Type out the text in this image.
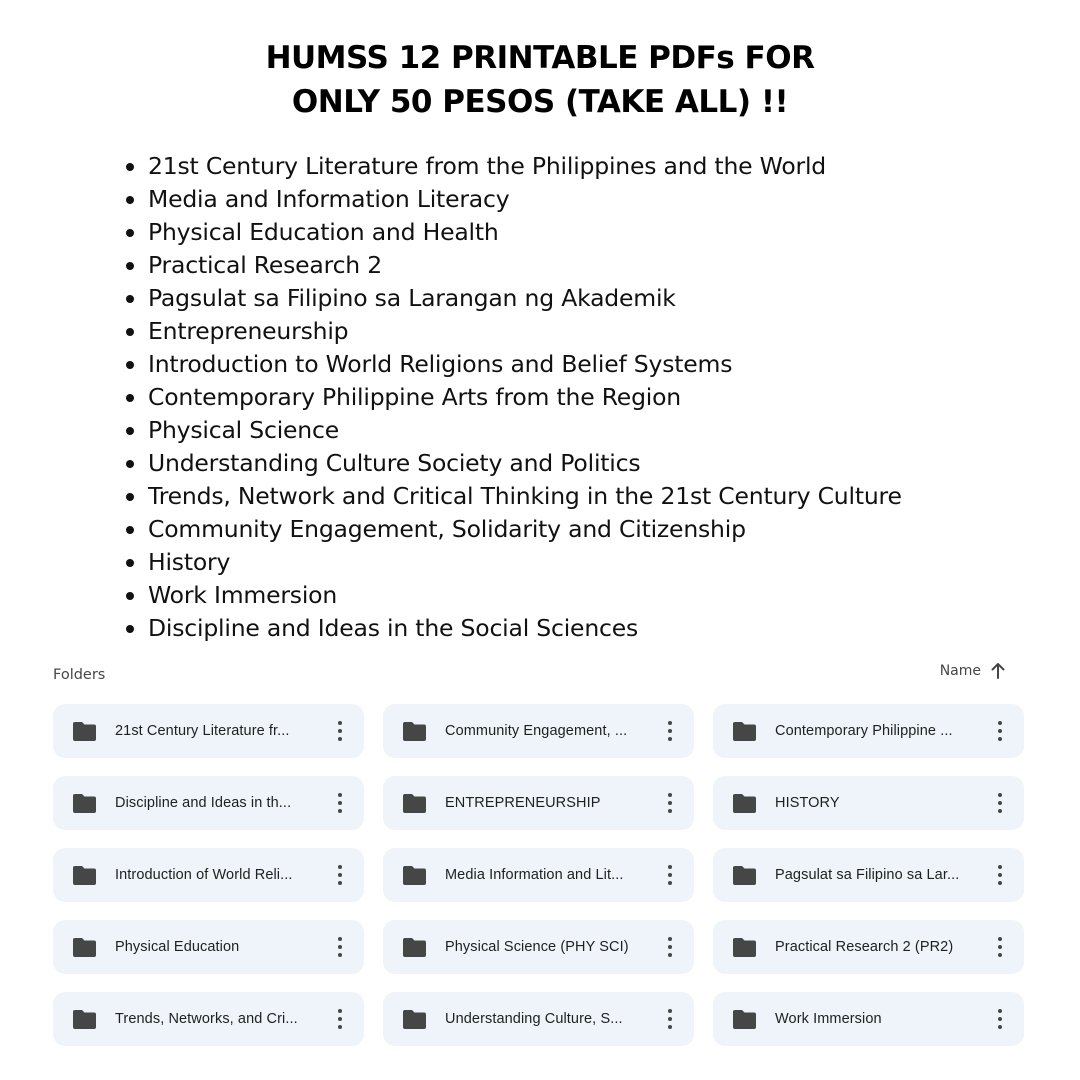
HUMSS 12 PRINTABLE PDFs FOR
ONLY 50 PESOS (TAKE ALL) !!
21st Century Literature from the Philippines and the World
Media and Information Literacy
Physical Education and Health
Practical Research 2
Pagsulat sa Filipino sa Larangan ng Akademik
Entrepreneurship
Introduction to World Religions and Belief Systems
Contemporary Philippine Arts from the Region
Physical Science
Understanding Culture Society and Politics
Trends, Network and Critical Thinking in the 21st Century Culture
Community Engagement, Solidarity and Citizenship
History
Work Immersion
Discipline and Ideas in the Social Sciences
Folders	Name
21st Century Literature fr...	Community Engagement, ...	Contemporary Philippine ...
Discipline and Ideas in th...	ENTREPRENEURSHIP	HISTORY
Introduction of World Reli...	Media Information and Lit...	Pagsulat sa Filipino sa Lar...
Physical Education	Physical Science (PHY SCI)	Practical Research 2 (PR2)
Trends, Networks, and Cri...	Understanding Culture, S...	Work Immersion
